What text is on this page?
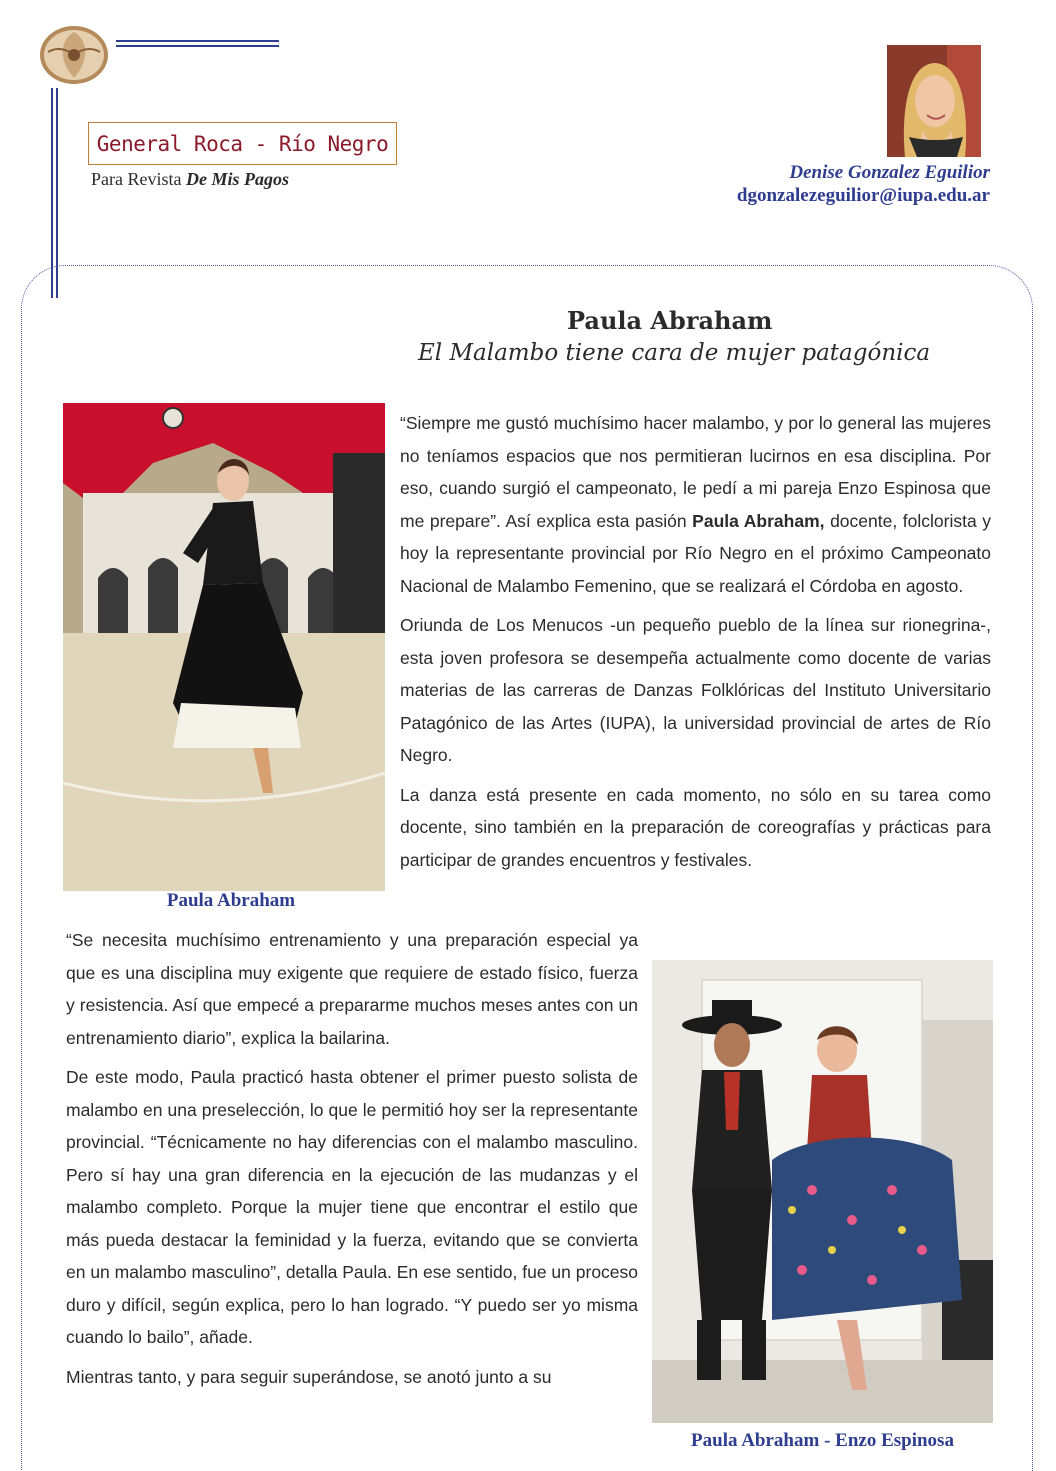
General Roca - Río Negro
Para Revista De Mis Pagos	Denise Gonzalez Eguilior
dgonzalezeguilior@iupa.edu.ar
Paula Abraham
El Malambo tiene cara de mujer patagónica
Paula Abraham
Paula Abraham - Enzo Espinosa

“Siempre me gustó muchísimo hacer malambo, y por lo general las mujeres no teníamos espacios que nos permitieran lucirnos en esa disciplina. Por eso, cuando surgió el campeonato, le pedí a mi pareja Enzo Espinosa que me prepare”. Así explica esta pasión Paula Abraham, docente, folclorista y hoy la representante provincial por Río Negro en el próximo Campeonato Nacional de Malambo Femenino, que se realizará el Córdoba en agosto.

Oriunda de Los Menucos -un pequeño pueblo de la línea sur rionegrina-, esta joven profesora se desempeña actualmente como docente de varias materias de las carreras de Danzas Folklóricas del Instituto Universitario Patagónico de las Artes (IUPA), la universidad provincial de artes de Río Negro.

La danza está presente en cada momento, no sólo en su tarea como docente, sino también en la preparación de coreografías y prácticas para participar de grandes encuentros y festivales.

“Se necesita muchísimo entrenamiento y una preparación especial ya que es una disciplina muy exigente que requiere de estado físico, fuerza y resistencia. Así que empecé a prepararme muchos meses antes con un entrenamiento diario”, explica la bailarina.

De este modo, Paula practicó hasta obtener el primer puesto solista de malambo en una preselección, lo que le permitió hoy ser la representante provincial. “Técnicamente no hay diferencias con el malambo masculino. Pero sí hay una gran diferencia en la ejecución de las mudanzas y el malambo completo. Porque la mujer tiene que encontrar el estilo que más pueda destacar la feminidad y la fuerza, evitando que se convierta en un malambo masculino”, detalla Paula. En ese sentido, fue un proceso duro y difícil, según explica, pero lo han logrado. “Y puedo ser yo misma cuando lo bailo”, añade.

Mientras tanto, y para seguir superándose, se anotó junto a su
